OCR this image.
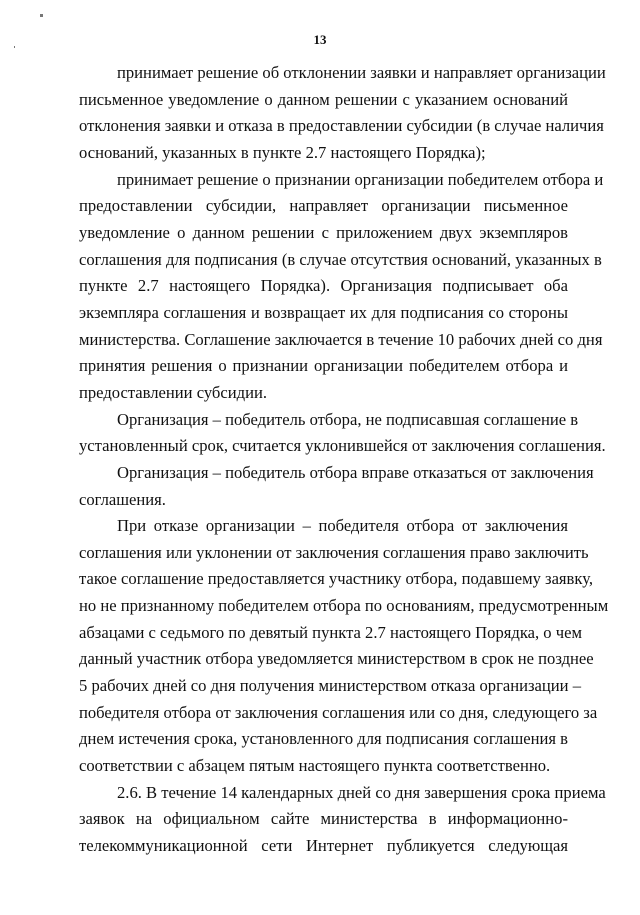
13
принимает решение об отклонении заявки и направляет организации
письменное уведомление о данном решении с указанием оснований
отклонения заявки и отказа в предоставлении субсидии (в случае наличия
оснований, указанных в пункте 2.7 настоящего Порядка);
принимает решение о признании организации победителем отбора и
предоставлении субсидии, направляет организации письменное
уведомление о данном решении с приложением двух экземпляров
соглашения для подписания (в случае отсутствия оснований, указанных в
пункте 2.7 настоящего Порядка). Организация подписывает оба
экземпляра соглашения и возвращает их для подписания со стороны
министерства. Соглашение заключается в течение 10 рабочих дней со дня
принятия решения о признании организации победителем отбора и
предоставлении субсидии.
Организация – победитель отбора, не подписавшая соглашение в
установленный срок, считается уклонившейся от заключения соглашения.
Организация – победитель отбора вправе отказаться от заключения
соглашения.
При отказе организации – победителя отбора от заключения
соглашения или уклонении от заключения соглашения право заключить
такое соглашение предоставляется участнику отбора, подавшему заявку,
но не признанному победителем отбора по основаниям, предусмотренным
абзацами с седьмого по девятый пункта 2.7 настоящего Порядка, о чем
данный участник отбора уведомляется министерством в срок не позднее
5 рабочих дней со дня получения министерством отказа организации –
победителя отбора от заключения соглашения или со дня, следующего за
днем истечения срока, установленного для подписания соглашения в
соответствии с абзацем пятым настоящего пункта соответственно.
2.6. В течение 14 календарных дней со дня завершения срока приема
заявок на официальном сайте министерства в информационно-
телекоммуникационной сети Интернет публикуется следующая
